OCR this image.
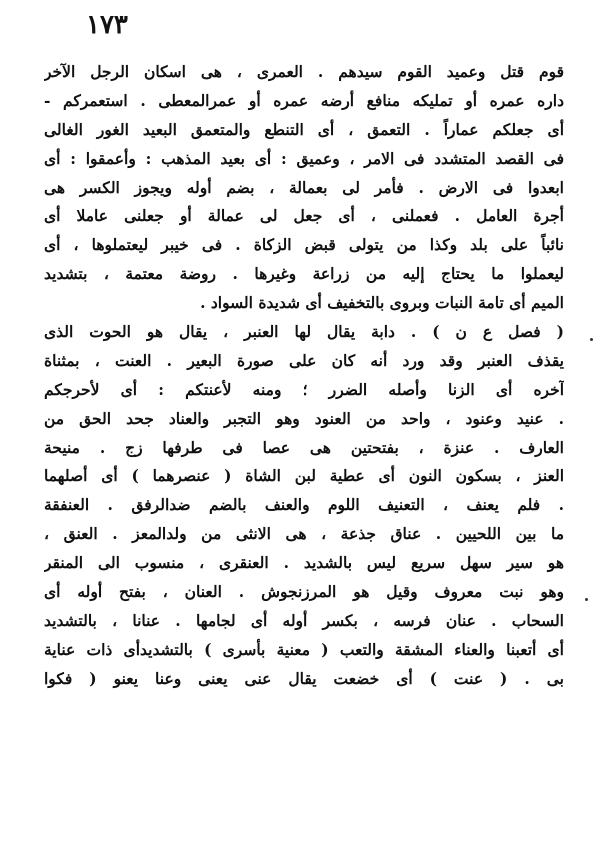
١٧٣
قوم قتل وعميد القوم سيدهم . العمرى ، هى اسكان الرجل الآخر
داره عمره أو تمليكه منافع أرضه عمره أو عمرالمعطى . استعمركم -
أى جعلكم عماراً . التعمق ، أى التنطع والمتعمق البعيد الغور الغالى
فى القصد المتشدد فى الامر ، وعميق : أى بعيد المذهب : وأعمقوا : أى
ابعدوا فى الارض . فأمر لى بعمالة ، بضم أوله ويجوز الكسر هى
أجرة العامل . فعملنى ، أى جعل لى عمالة أو جعلنى عاملا أى
نائباً على بلد وكذا من يتولى قبض الزكاة . فى خيبر ليعتملوها ، أى
ليعملوا ما يحتاج إليه من زراعة وغيرها . روضة معتمة ، بتشديد
الميم أى تامة النبات وبروى بالتخفيف أى شديدة السواد .
( فصل ع ن ) . دابة يقال لها العنبر ، يقال هو الحوت الذى
يقذف العنبر وقد ورد أنه كان على صورة البعير . العنت ، بمثناة
آخره أى الزنا وأصله الضرر ؛ ومنه لأعنتكم : أى لأحرجكم
. عنيد وعنود ، واحد من العنود وهو التجبر والعناد جحد الحق من
العارف . عنزة ، بفتحتين هى عصا فى طرفها زج . منيحة
العنز ، بسكون النون أى عطية لبن الشاة ( عنصرهما ) أى أصلهما
. فلم يعنف ، التعنيف اللوم والعنف بالضم ضدالرفق . العنفقة
ما بين اللحيين . عناق جذعة ، هى الانثى من ولدالمعز . العنق ،
هو سير سهل سريع ليس بالشديد . العنقرى ، منسوب الى المنقر
وهو نبت معروف وقيل هو المرزنجوش . العنان ، بفتح أوله أى
السحاب . عنان فرسه ، بكسر أوله أى لجامها . عنانا ، بالتشديد
أى أتعبنا والعناء المشقة والتعب ( معنية بأسرى ) بالتشديدأى ذات عناية
بى . ( عنت ) أى خضعت يقال عنى يعنى وعنا يعنو ( فكوا
